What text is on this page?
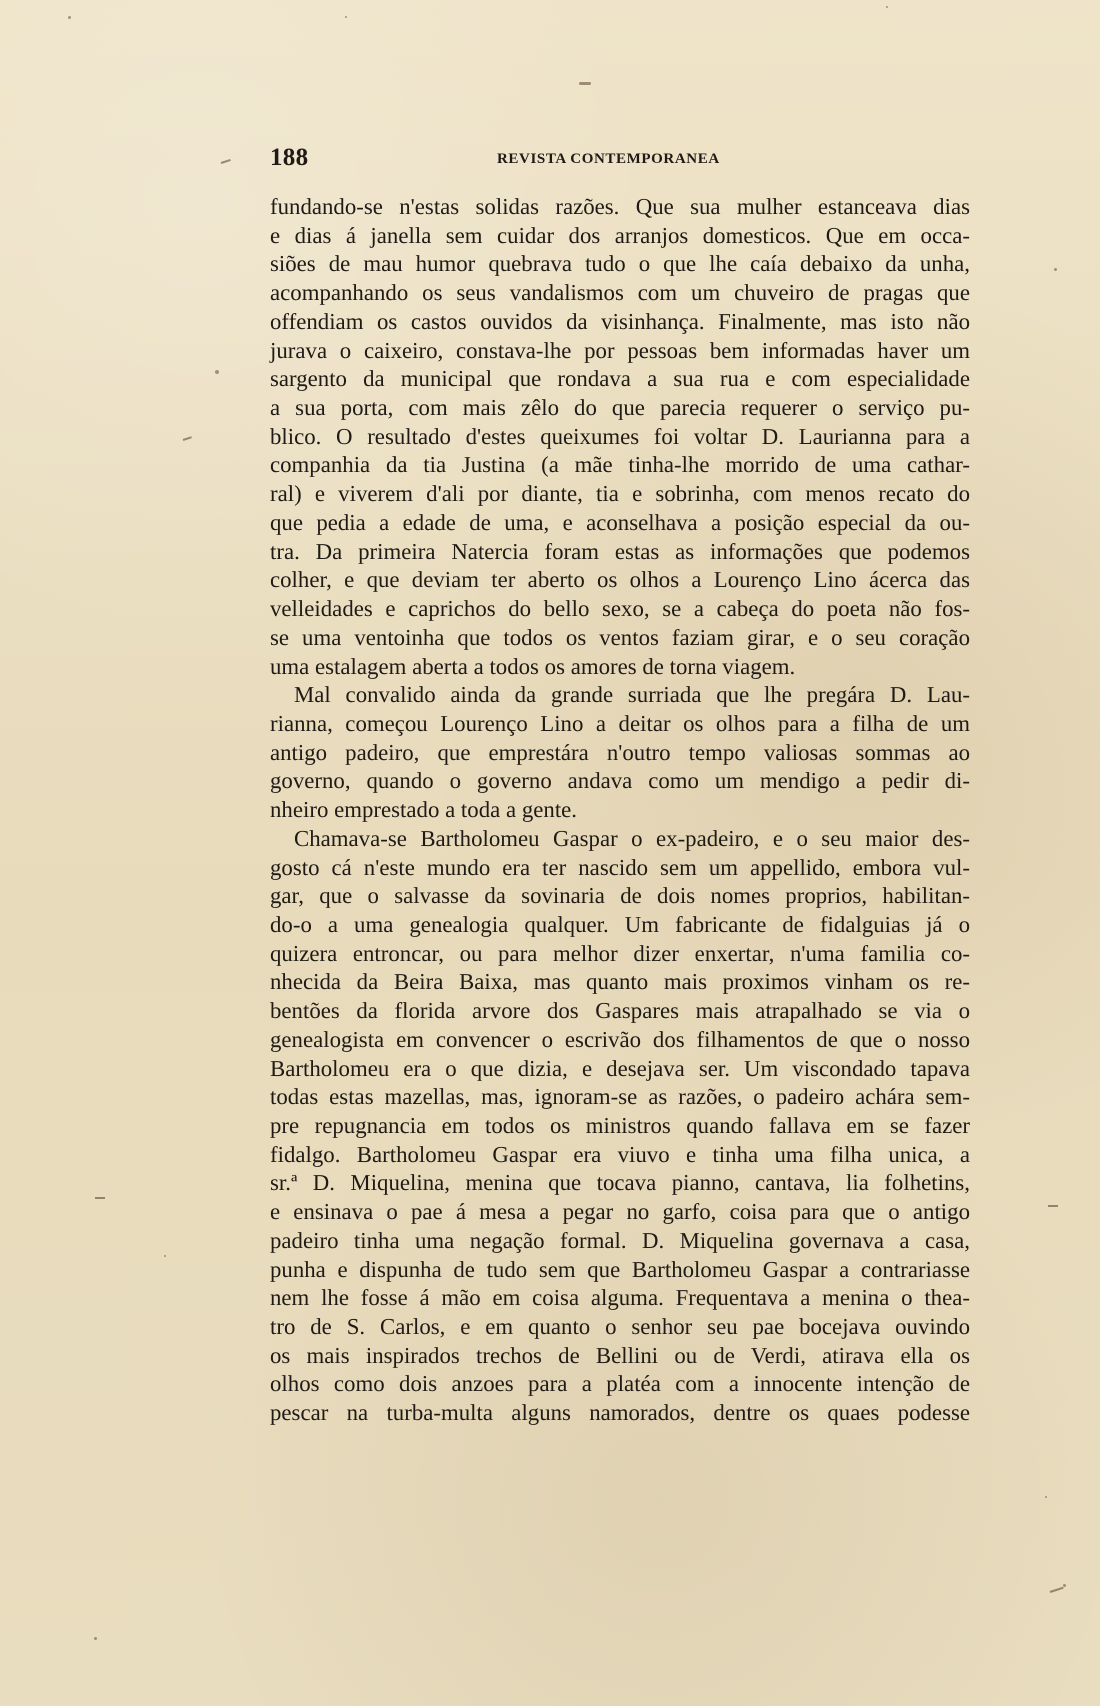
188	REVISTA CONTEMPORANEA
fundando-se n'estas solidas razões. Que sua mulher estanceava dias
e dias á janella sem cuidar dos arranjos domesticos. Que em occa-
siões de mau humor quebrava tudo o que lhe caía debaixo da unha,
acompanhando os seus vandalismos com um chuveiro de pragas que
offendiam os castos ouvidos da visinhança. Finalmente, mas isto não
jurava o caixeiro, constava-lhe por pessoas bem informadas haver um
sargento da municipal que rondava a sua rua e com especialidade
a sua porta, com mais zêlo do que parecia requerer o serviço pu-
blico. O resultado d'estes queixumes foi voltar D. Laurianna para a
companhia da tia Justina (a mãe tinha-lhe morrido de uma cathar-
ral) e viverem d'ali por diante, tia e sobrinha, com menos recato do
que pedia a edade de uma, e aconselhava a posição especial da ou-
tra. Da primeira Natercia foram estas as informações que podemos
colher, e que deviam ter aberto os olhos a Lourenço Lino ácerca das
velleidades e caprichos do bello sexo, se a cabeça do poeta não fos-
se uma ventoinha que todos os ventos faziam girar, e o seu coração
uma estalagem aberta a todos os amores de torna viagem.
Mal convalido ainda da grande surriada que lhe pregára D. Lau-
rianna, começou Lourenço Lino a deitar os olhos para a filha de um
antigo padeiro, que emprestára n'outro tempo valiosas sommas ao
governo, quando o governo andava como um mendigo a pedir di-
nheiro emprestado a toda a gente.
Chamava-se Bartholomeu Gaspar o ex-padeiro, e o seu maior des-
gosto cá n'este mundo era ter nascido sem um appellido, embora vul-
gar, que o salvasse da sovinaria de dois nomes proprios, habilitan-
do-o a uma genealogia qualquer. Um fabricante de fidalguias já o
quizera entroncar, ou para melhor dizer enxertar, n'uma familia co-
nhecida da Beira Baixa, mas quanto mais proximos vinham os re-
bentões da florida arvore dos Gaspares mais atrapalhado se via o
genealogista em convencer o escrivão dos filhamentos de que o nosso
Bartholomeu era o que dizia, e desejava ser. Um viscondado tapava
todas estas mazellas, mas, ignoram-se as razões, o padeiro achára sem-
pre repugnancia em todos os ministros quando fallava em se fazer
fidalgo. Bartholomeu Gaspar era viuvo e tinha uma filha unica, a
sr.ª D. Miquelina, menina que tocava pianno, cantava, lia folhetins,
e ensinava o pae á mesa a pegar no garfo, coisa para que o antigo
padeiro tinha uma negação formal. D. Miquelina governava a casa,
punha e dispunha de tudo sem que Bartholomeu Gaspar a contrariasse
nem lhe fosse á mão em coisa alguma. Frequentava a menina o thea-
tro de S. Carlos, e em quanto o senhor seu pae bocejava ouvindo
os mais inspirados trechos de Bellini ou de Verdi, atirava ella os
olhos como dois anzoes para a platéa com a innocente intenção de
pescar na turba-multa alguns namorados, dentre os quaes podesse
